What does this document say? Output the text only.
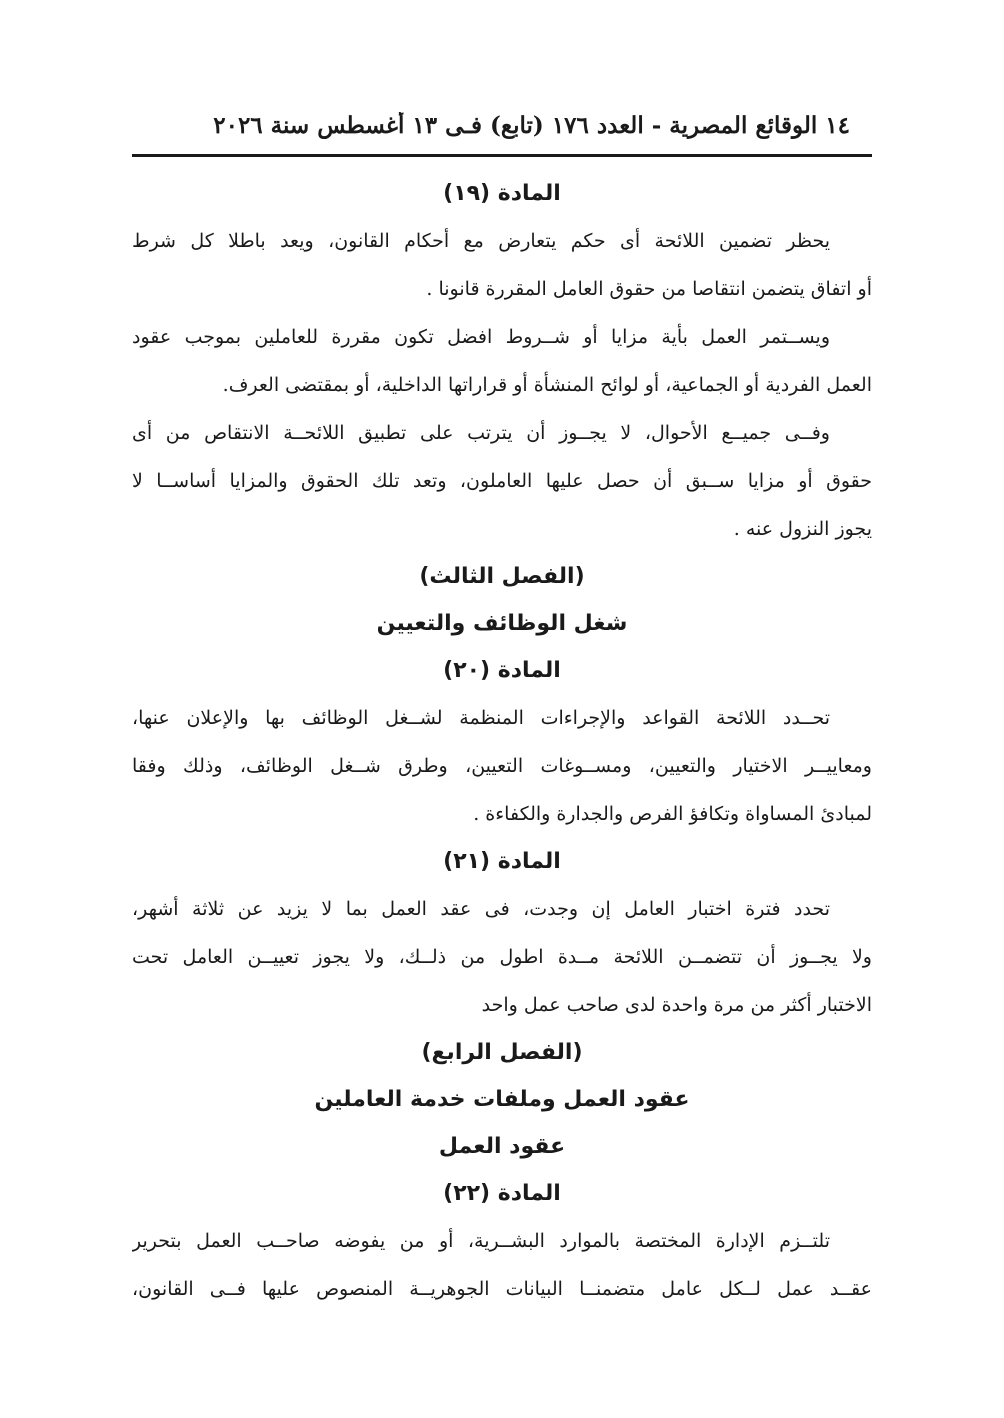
١٤ الوقائع المصرية - العدد ١٧٦ (تابع) فـى ١٣ أغسطس سنة ٢٠٢٦
المادة (١٩)
يحظر تضمين اللائحة أى حكم يتعارض مع أحكام القانون، ويعد باطلا كل شرط
أو اتفاق يتضمن انتقاصا من حقوق العامل المقررة قانونا .
ويســتمر العمل بأية مزايا أو شــروط افضل تكون مقررة للعاملين بموجب عقود
العمل الفردية أو الجماعية، أو لوائح المنشأة أو قراراتها الداخلية، أو بمقتضى العرف.
وفــى جميــع الأحوال، لا يجــوز أن يترتب على تطبيق اللائحــة الانتقاص من أى
حقوق أو مزايا ســبق أن حصل عليها العاملون، وتعد تلك الحقوق والمزايا أساســا لا
يجوز النزول عنه .
(الفصل الثالث)
شغل الوظائف والتعيين
المادة (٢٠)
تحــدد اللائحة القواعد والإجراءات المنظمة لشــغل الوظائف بها والإعلان عنها،
ومعاييــر الاختيار والتعيين، ومســوغات التعيين، وطرق شــغل الوظائف، وذلك وفقا
لمبادئ المساواة وتكافؤ الفرص والجدارة والكفاءة .
المادة (٢١)
تحدد فترة اختبار العامل إن وجدت، فى عقد العمل بما لا يزيد عن ثلاثة أشهر،
ولا يجــوز أن تتضمــن اللائحة مــدة اطول من ذلــك، ولا يجوز تعييــن العامل تحت
الاختبار أكثر من مرة واحدة لدى صاحب عمل واحد
(الفصل الرابع)
عقود العمل وملفات خدمة العاملين
عقود العمل
المادة (٢٢)
تلتــزم الإدارة المختصة بالموارد البشــرية، أو من يفوضه صاحــب العمل بتحرير
عقــد عمل لــكل عامل متضمنــا البيانات الجوهريــة المنصوص عليها فــى القانون،
